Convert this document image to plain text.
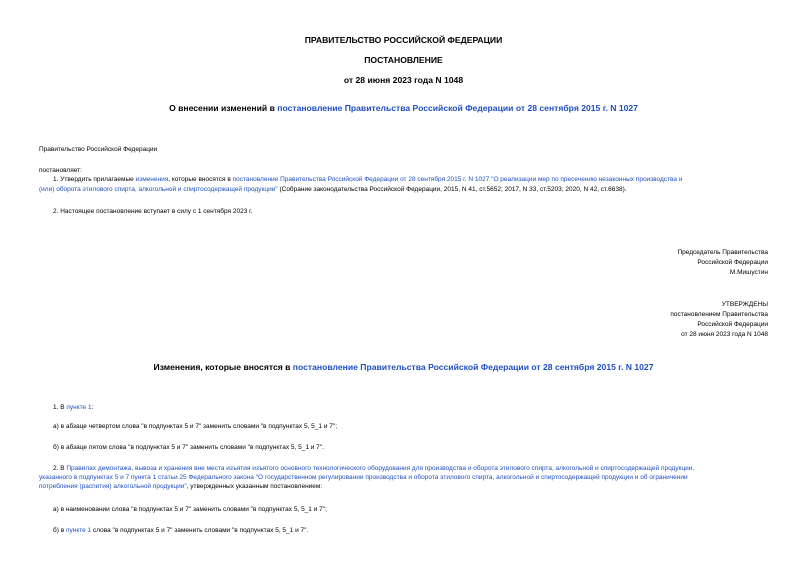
ПРАВИТЕЛЬСТВО РОССИЙСКОЙ ФЕДЕРАЦИИ
ПОСТАНОВЛЕНИЕ
от 28 июня 2023 года N 1048
О внесении изменений в постановление Правительства Российской Федерации от 28 сентября 2015 г. N 1027
Правительство Российской Федерации
постановляет:
1. Утвердить прилагаемые изменения, которые вносятся в постановление Правительства Российской Федерации от 28 сентября 2015 г. N 1027 "О реализации мер по пресечению незаконных производства и
(или) оборота этилового спирта, алкогольной и спиртосодержащей продукции" (Собрание законодательства Российской Федерации, 2015, N 41, ст.5652; 2017, N 33, ст.5203; 2020, N 42, ст.6638).
2. Настоящее постановление вступает в силу с 1 сентября 2023 г.
Председатель Правительства
Российской Федерации
М.Мишустин
УТВЕРЖДЕНЫ
постановлением Правительства
Российской Федерации
от 28 июня 2023 года N 1048
Изменения, которые вносятся в постановление Правительства Российской Федерации от 28 сентября 2015 г. N 1027
1. В пункте 1:
а) в абзаце четвертом слова "в подпунктах 5 и 7" заменить словами "в подпунктах 5, 5_1 и 7";
б) в абзаце пятом слова "в подпунктах 5 и 7" заменить словами "в подпунктах 5, 5_1 и 7".
2. В Правилах демонтажа, вывоза и хранения вне места изъятия изъятого основного технологического оборудования для производства и оборота этилового спирта, алкогольной и спиртосодержащей продукции,
указанного в подпунктах 5 и 7 пункта 1 статьи 25 Федерального закона "О государственном регулировании производства и оборота этилового спирта, алкогольной и спиртосодержащей продукции и об ограничении
потребления (распития) алкогольной продукции", утвержденных указанным постановлением:
а) в наименовании слова "в подпунктах 5 и 7" заменить словами "в подпунктах 5, 5_1 и 7";
б) в пункте 1 слова "в подпунктах 5 и 7" заменить словами "в подпунктах 5, 5_1 и 7".
